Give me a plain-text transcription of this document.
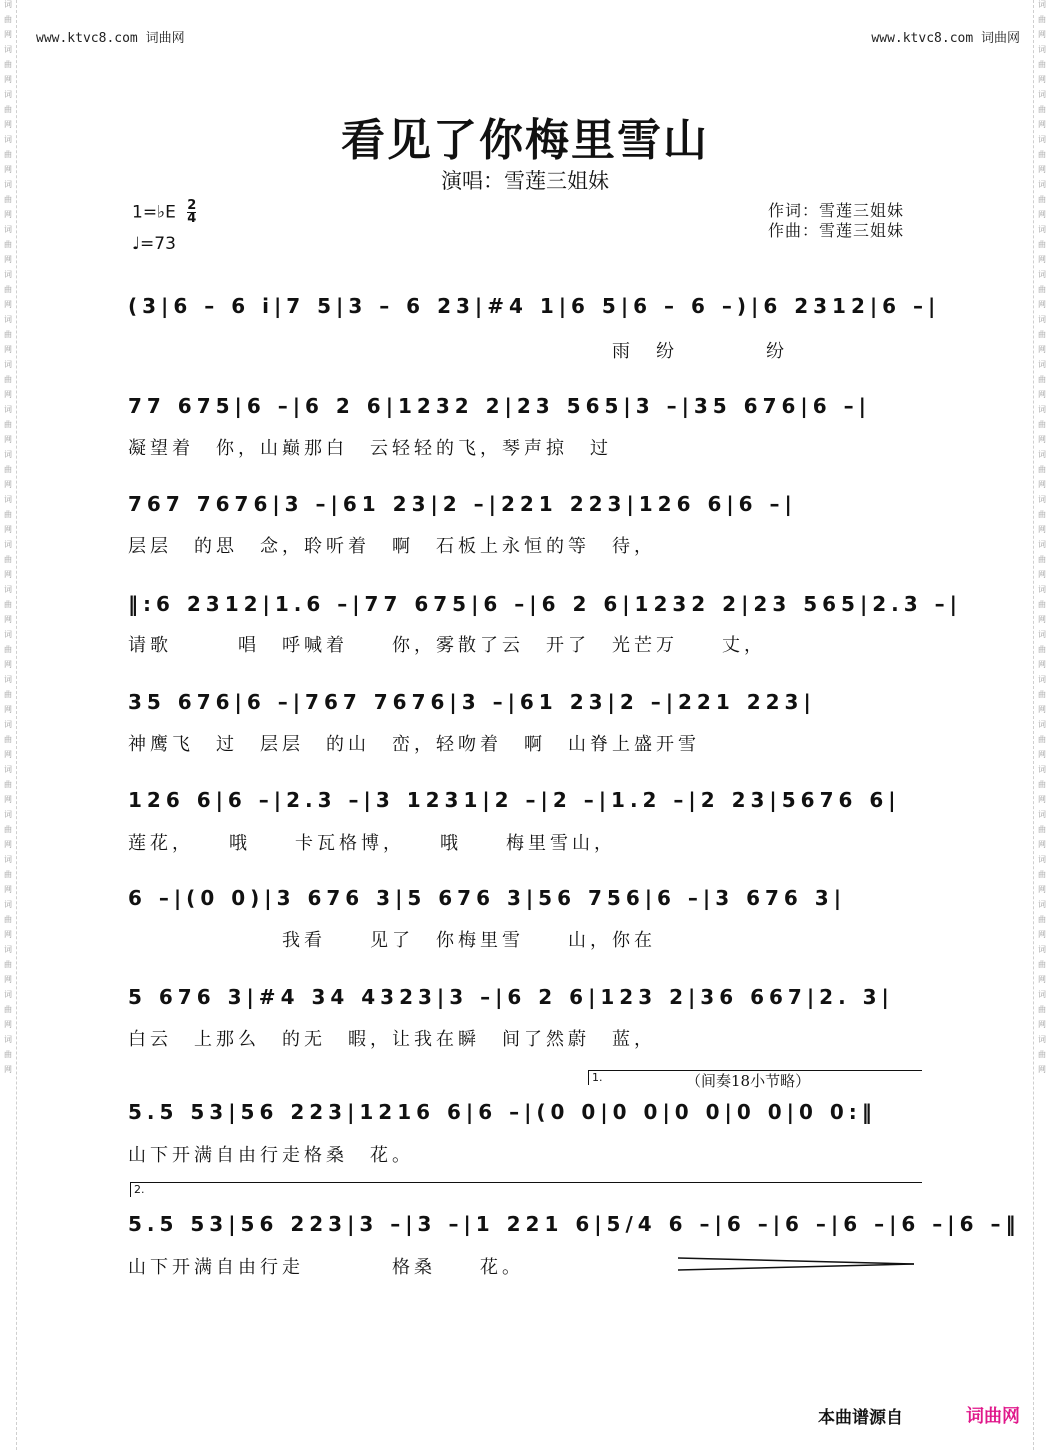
词
曲
网
词
曲
网
词
曲
网
词
曲
网
词
曲
网
词
曲
网
词
曲
网
词
曲
网
词
曲
网
词
曲
网
词
曲
网
词
曲
网
词
曲
网
词
曲
网
词
曲
网
词
曲
网
词
曲
网
词
曲
网
词
曲
网
词
曲
网
词
曲
网
词
曲
网
词
曲
网
词
曲
网
词
曲
网
词
曲
网
词
曲
网
词
曲
网
词
曲
网
词
曲
网
词
曲
网
词
曲
网
词
曲
网
词
曲
网
词
曲
网
词
曲
网
词
曲
网
词
曲
网
词
曲
网
词
曲
网
词
曲
网
词
曲
网
词
曲
网
词
曲
网
词
曲
网
词
曲
网
词
曲
网
词
曲
网
www.ktvc8.com 词曲网	www.ktvc8.com 词曲网
看见了你梅里雪山
演唱：雪莲三姐妹
1=♭E $\frac{2}{4}$
♩=73
作词：雪莲三姐妹
作曲：雪莲三姐妹
(3|6 – 6 i|7 5|3 – 6 23|#4 1|6 5|6 – 6 –)|6 2312|6 –|
　　　　　　　　　　　　　　　　　　　　　　雨　纷　　　　纷
77 675|6 –|6 2 6|1232 2|23 565|3 –|35 676|6 –|
凝望着　你，山巅那白　云轻轻的飞，琴声掠　过
767 7676|3 –|61 23|2 –|221 223|126 6|6 –|
层层　的思　念，聆听着　啊　石板上永恒的等　待，
‖:6 2312|1.6 –|77 675|6 –|6 2 6|1232 2|23 565|2.3 –|
请歌　　　唱　呼喊着　　你，雾散了云　开了　光芒万　　丈，
35 676|6 –|767 7676|3 –|61 23|2 –|221 223|
神鹰飞　过　层层　的山　峦，轻吻着　啊　山脊上盛开雪
126 6|6 –|2.3 –|3 1231|2 –|2 –|1.2 –|2 23|5676 6|
莲花，　　哦　　卡瓦格博，　　哦　　梅里雪山，
6 –|(0 0)|3 676 3|5 676 3|56 756|6 –|3 676 3|
　　　　　　　我看　　见了　你梅里雪　　山，你在
5 676 3|#4 34 4323|3 –|6 2 6|123 2|36 667|2. 3|
白云　上那么　的无　暇，让我在瞬　间了然蔚　蓝，
1.	（间奏18小节略）
5.5 53|56 223|1216 6|6 –|(0 0|0 0|0 0|0 0|0 0:‖
山下开满自由行走格桑　花。
2.
5.5 53|56 223|3 –|3 –|1 221 6|5/4 6 –|6 –|6 –|6 –|6 –|6 –‖
山下开满自由行走　　　　格桑　　花。
本曲谱源自	词曲网
